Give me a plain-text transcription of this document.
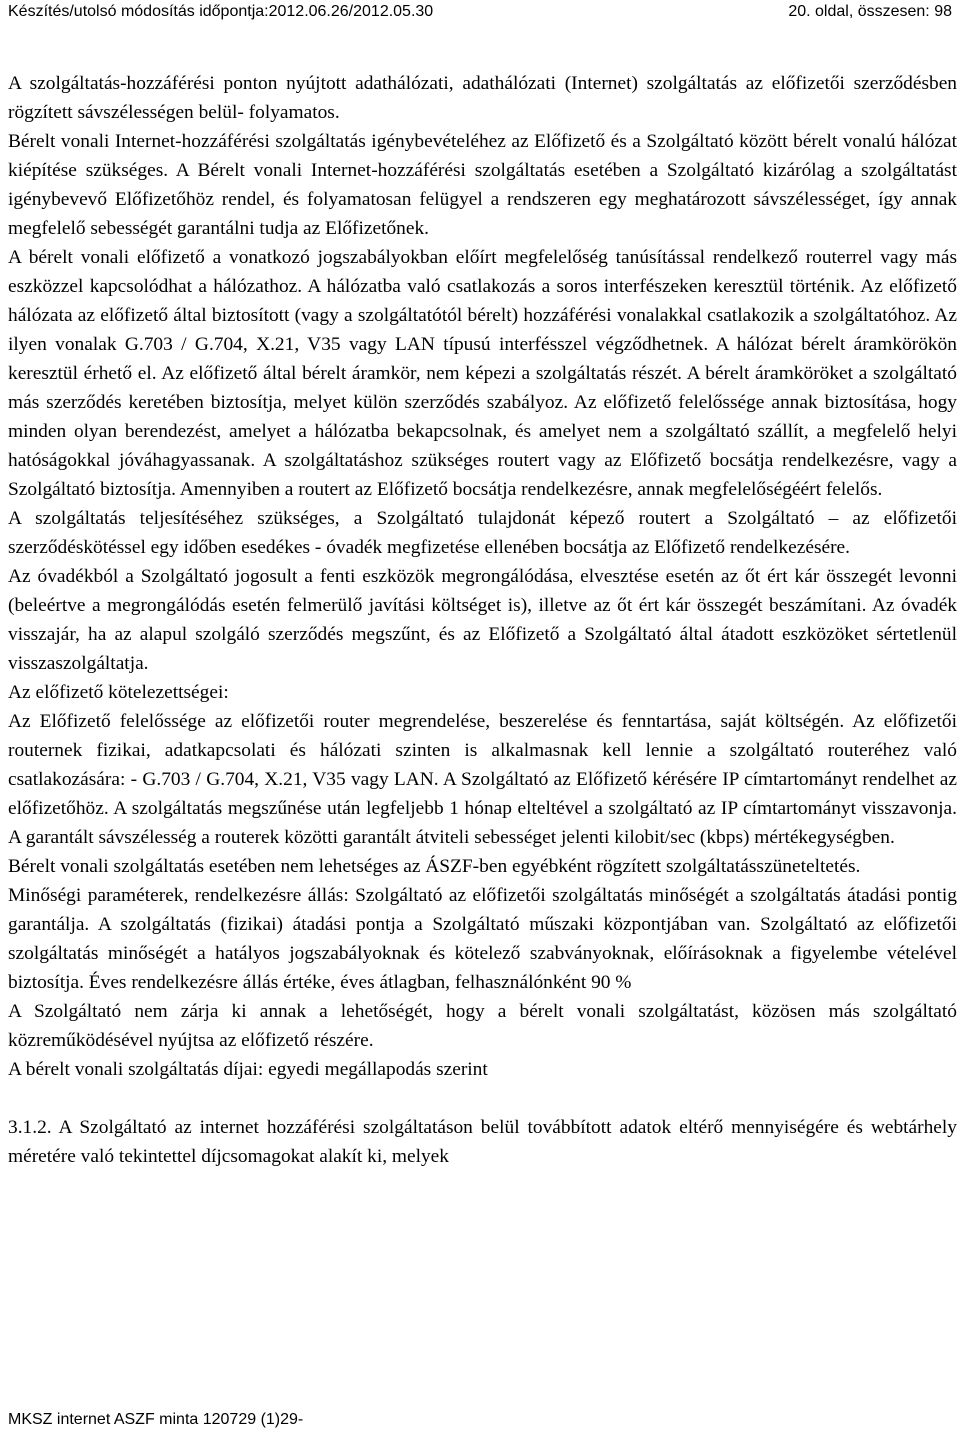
Készítés/utolsó módosítás időpontja:2012.06.26/2012.05.30	20. oldal, összesen: 98

A szolgáltatás-hozzáférési ponton nyújtott adathálózati, adathálózati (Internet) szolgáltatás az előfizetői szerződésben rögzített sávszélességen belül- folyamatos.

Bérelt vonali Internet-hozzáférési szolgáltatás igénybevételéhez az Előfizető és a Szolgáltató között bérelt vonalú hálózat kiépítése szükséges. A Bérelt vonali Internet-hozzáférési szolgáltatás esetében a Szolgáltató kizárólag a szolgáltatást igénybevevő Előfizetőhöz rendel, és folyamatosan felügyel a rendszeren egy meghatározott sávszélességet, így annak megfelelő sebességét garantálni tudja az Előfizetőnek.

A bérelt vonali előfizető a vonatkozó jogszabályokban előírt megfelelőség tanúsítással rendelkező routerrel vagy más eszközzel kapcsolódhat a hálózathoz. A hálózatba való csatlakozás a soros interfészeken keresztül történik. Az előfizető hálózata az előfizető által biztosított (vagy a szolgáltatótól bérelt) hozzáférési vonalakkal csatlakozik a szolgáltatóhoz. Az ilyen vonalak G.703 / G.704, X.21, V35 vagy LAN típusú interfésszel végződhetnek. A hálózat bérelt áramkörökön keresztül érhető el. Az előfizető által bérelt áramkör, nem képezi a szolgáltatás részét. A bérelt áramköröket a szolgáltató más szerződés keretében biztosítja, melyet külön szerződés szabályoz. Az előfizető felelőssége annak biztosítása, hogy minden olyan berendezést, amelyet a hálózatba bekapcsolnak, és amelyet nem a szolgáltató szállít, a megfelelő helyi hatóságokkal jóváhagyassanak. A szolgáltatáshoz szükséges routert vagy az Előfizető bocsátja rendelkezésre, vagy a Szolgáltató biztosítja. Amennyiben a routert az Előfizető bocsátja rendelkezésre, annak megfelelőségéért felelős.

A szolgáltatás teljesítéséhez szükséges, a Szolgáltató tulajdonát képező routert a Szolgáltató – az előfizetői szerződéskötéssel egy időben esedékes - óvadék megfizetése ellenében bocsátja az Előfizető rendelkezésére.

Az óvadékból a Szolgáltató jogosult a fenti eszközök megrongálódása, elvesztése esetén az őt ért kár összegét levonni (beleértve a megrongálódás esetén felmerülő javítási költséget is), illetve az őt ért kár összegét beszámítani. Az óvadék visszajár, ha az alapul szolgáló szerződés megszűnt, és az Előfizető a Szolgáltató által átadott eszközöket sértetlenül visszaszolgáltatja.

Az előfizető kötelezettségei:

Az Előfizető felelőssége az előfizetői router megrendelése, beszerelése és fenntartása, saját költségén. Az előfizetői routernek fizikai, adatkapcsolati és hálózati szinten is alkalmasnak kell lennie a szolgáltató routeréhez való csatlakozására: - G.703 / G.704, X.21, V35 vagy LAN. A Szolgáltató az Előfizető kérésére IP címtartományt rendelhet az előfizetőhöz. A szolgáltatás megszűnése után legfeljebb 1 hónap elteltével a szolgáltató az IP címtartományt visszavonja. A garantált sávszélesség a routerek közötti garantált átviteli sebességet jelenti kilobit/sec (kbps) mértékegységben.

Bérelt vonali szolgáltatás esetében nem lehetséges az ÁSZF-ben egyébként rögzített szolgáltatásszüneteltetés.

Minőségi paraméterek, rendelkezésre állás: Szolgáltató az előfizetői szolgáltatás minőségét a szolgáltatás átadási pontig garantálja. A szolgáltatás (fizikai) átadási pontja a Szolgáltató műszaki központjában van. Szolgáltató az előfizetői szolgáltatás minőségét a hatályos jogszabályoknak és kötelező szabványoknak, előírásoknak a figyelembe vételével biztosítja. Éves rendelkezésre állás értéke, éves átlagban, felhasználónként 90 %

A Szolgáltató nem zárja ki annak a lehetőségét, hogy a bérelt vonali szolgáltatást, közösen más szolgáltató közreműködésével nyújtsa az előfizető részére.

A bérelt vonali szolgáltatás díjai: egyedi megállapodás szerint

3.1.2. A Szolgáltató az internet hozzáférési szolgáltatáson belül továbbított adatok eltérő mennyiségére és webtárhely méretére való tekintettel díjcsomagokat alakít ki, melyek

MKSZ internet ASZF minta 120729 (1)29-
